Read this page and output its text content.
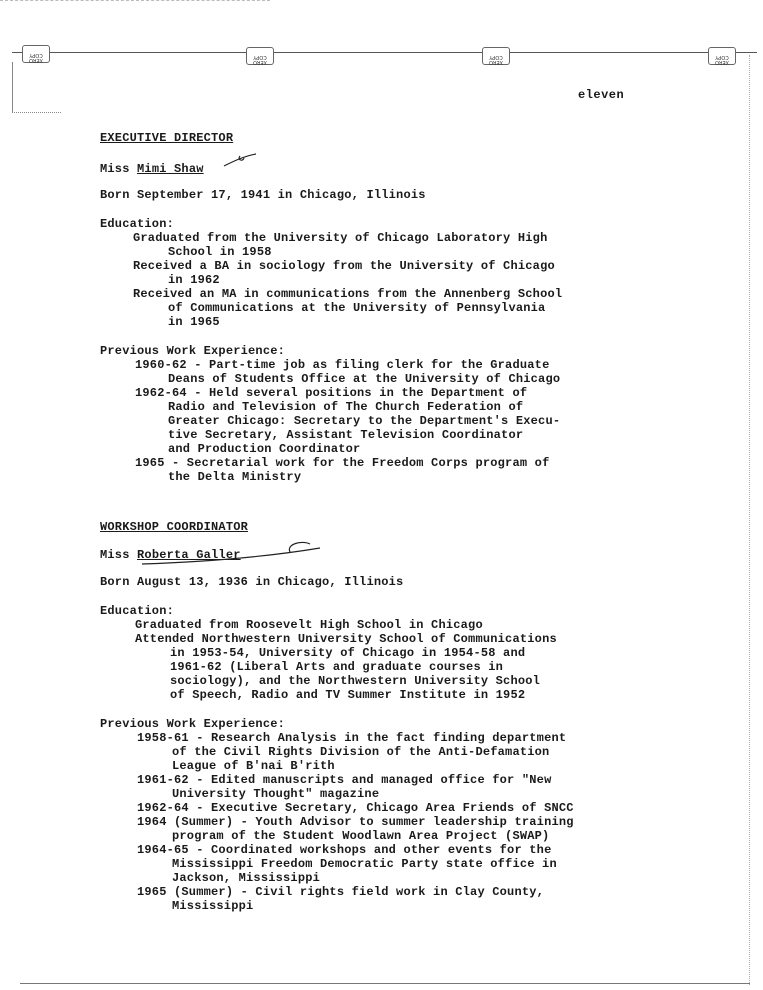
XERO COPY
XERO COPY
XERO COPY
XERO COPY
eleven
EXECUTIVE DIRECTOR
Miss Mimi Shaw
Born September 17, 1941 in Chicago, Illinois
Education:
Graduated from the University of Chicago Laboratory High
School in 1958
Received a BA in sociology from the University of Chicago
in 1962
Received an MA in communications from the Annenberg School
of Communications at the University of Pennsylvania
in 1965
Previous Work Experience:
1960-62 - Part-time job as filing clerk for the Graduate
Deans of Students Office at the University of Chicago
1962-64 - Held several positions in the Department of
Radio and Television of The Church Federation of
Greater Chicago: Secretary to the Department's Execu-
tive Secretary, Assistant Television Coordinator
and Production Coordinator
1965 - Secretarial work for the Freedom Corps program of
the Delta Ministry
WORKSHOP COORDINATOR
Miss Roberta Galler
Born August 13, 1936 in Chicago, Illinois
Education:
Graduated from Roosevelt High School in Chicago
Attended Northwestern University School of Communications
in 1953-54, University of Chicago in 1954-58 and
1961-62 (Liberal Arts and graduate courses in
sociology), and the Northwestern University School
of Speech, Radio and TV Summer Institute in 1952
Previous Work Experience:
1958-61 - Research Analysis in the fact finding department
of the Civil Rights Division of the Anti-Defamation
League of B'nai B'rith
1961-62 - Edited manuscripts and managed office for "New
University Thought" magazine
1962-64 - Executive Secretary, Chicago Area Friends of SNCC
1964 (Summer) - Youth Advisor to summer leadership training
program of the Student Woodlawn Area Project (SWAP)
1964-65 - Coordinated workshops and other events for the
Mississippi Freedom Democratic Party state office in
Jackson, Mississippi
1965 (Summer) - Civil rights field work in Clay County,
Mississippi
